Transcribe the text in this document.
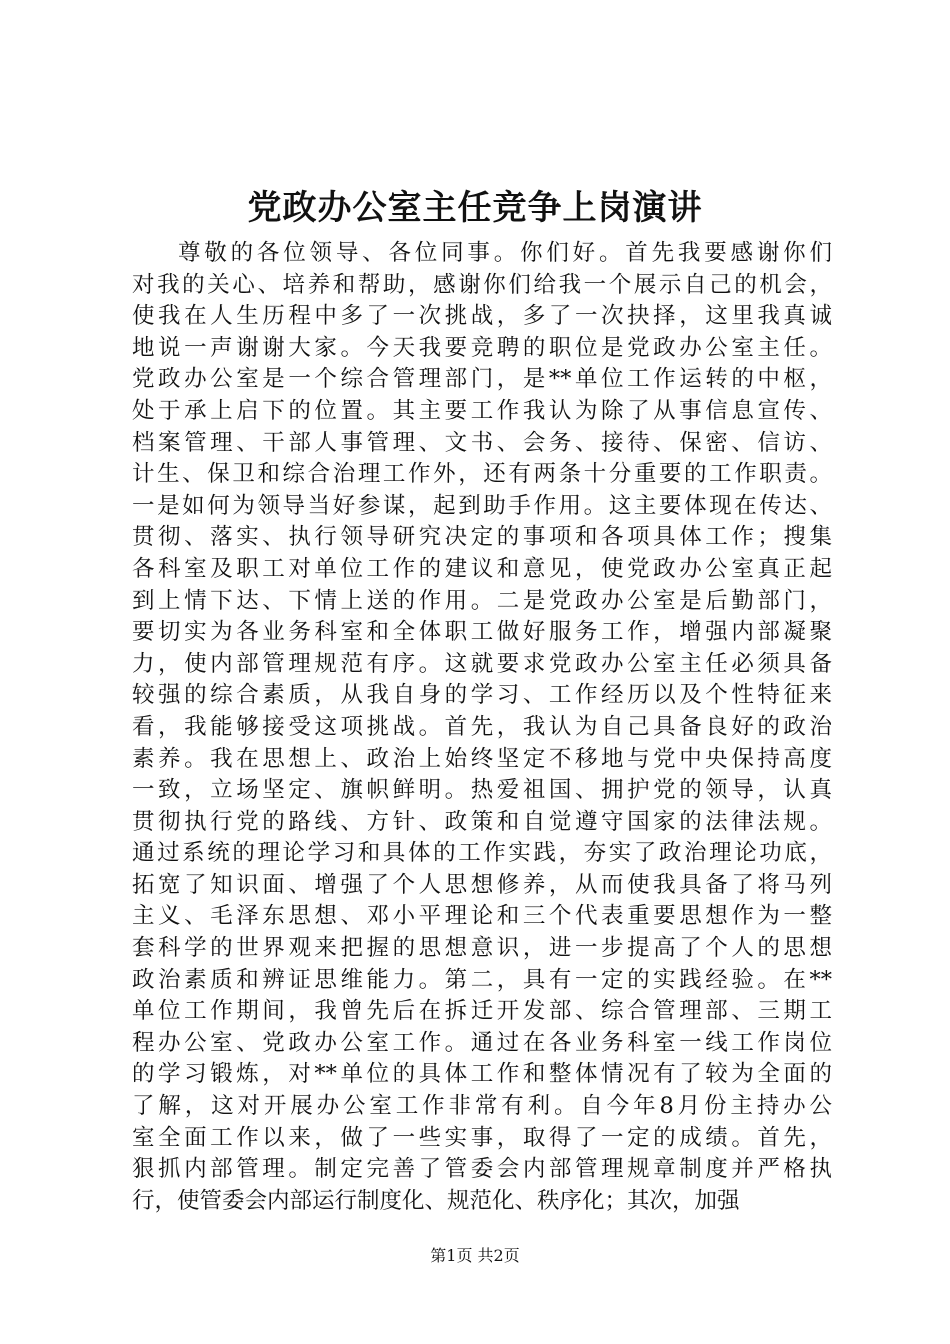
党政办公室主任竞争上岗演讲
尊敬的各位领导、各位同事。你们好。首先我要感谢你们
对我的关心、培养和帮助，感谢你们给我一个展示自己的机会，
使我在人生历程中多了一次挑战，多了一次抉择，这里我真诚
地说一声谢谢大家。今天我要竞聘的职位是党政办公室主任。
党政办公室是一个综合管理部门，是**单位工作运转的中枢，
处于承上启下的位置。其主要工作我认为除了从事信息宣传、
档案管理、干部人事管理、文书、会务、接待、保密、信访、
计生、保卫和综合治理工作外，还有两条十分重要的工作职责。
一是如何为领导当好参谋，起到助手作用。这主要体现在传达、
贯彻、落实、执行领导研究决定的事项和各项具体工作；搜集
各科室及职工对单位工作的建议和意见，使党政办公室真正起
到上情下达、下情上送的作用。二是党政办公室是后勤部门，
要切实为各业务科室和全体职工做好服务工作，增强内部凝聚
力，使内部管理规范有序。这就要求党政办公室主任必须具备
较强的综合素质，从我自身的学习、工作经历以及个性特征来
看，我能够接受这项挑战。首先，我认为自己具备良好的政治
素养。我在思想上、政治上始终坚定不移地与党中央保持高度
一致，立场坚定、旗帜鲜明。热爱祖国、拥护党的领导，认真
贯彻执行党的路线、方针、政策和自觉遵守国家的法律法规。
通过系统的理论学习和具体的工作实践，夯实了政治理论功底，
拓宽了知识面、增强了个人思想修养，从而使我具备了将马列
主义、毛泽东思想、邓小平理论和三个代表重要思想作为一整
套科学的世界观来把握的思想意识，进一步提高了个人的思想
政治素质和辨证思维能力。第二，具有一定的实践经验。在**
单位工作期间，我曾先后在拆迁开发部、综合管理部、三期工
程办公室、党政办公室工作。通过在各业务科室一线工作岗位
的学习锻炼，对**单位的具体工作和整体情况有了较为全面的
了解，这对开展办公室工作非常有利。自今年8月份主持办公
室全面工作以来，做了一些实事，取得了一定的成绩。首先，
狠抓内部管理。制定完善了管委会内部管理规章制度并严格执
行，使管委会内部运行制度化、规范化、秩序化；其次，加强
第1页 共2页
